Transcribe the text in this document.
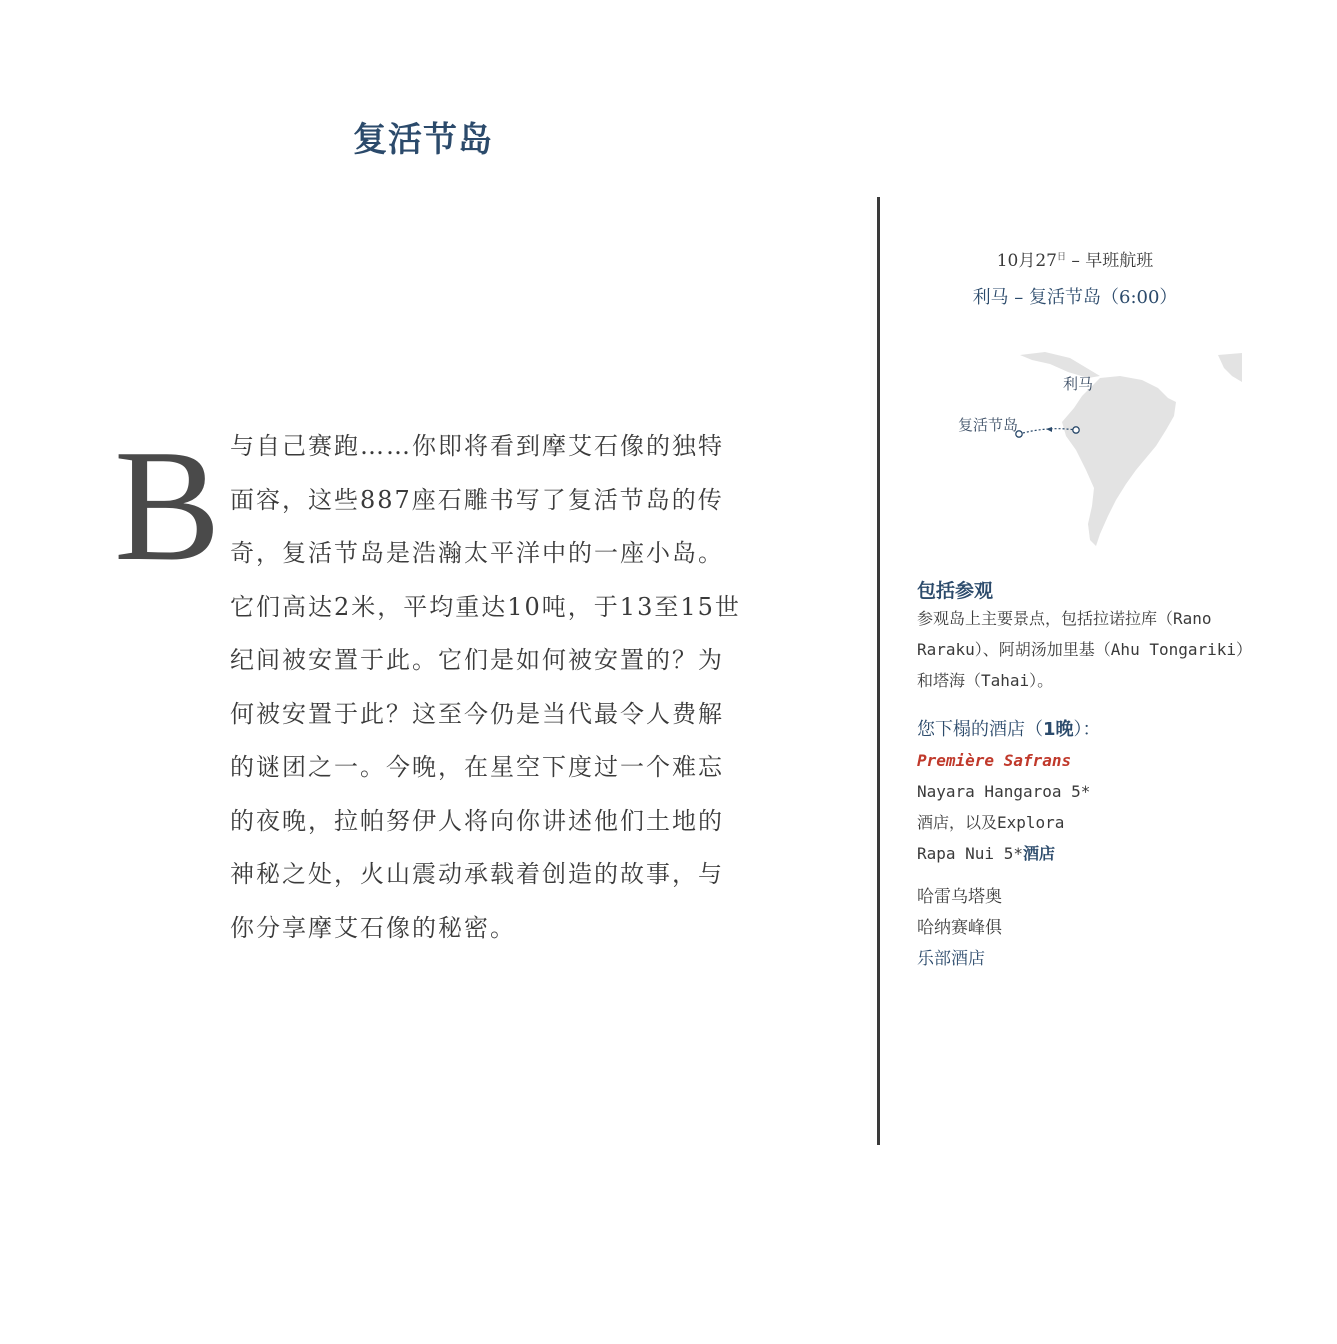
复活节岛
B 与自己赛跑……你即将看到摩艾石像的独特
面容，这些887座石雕书写了复活节岛的传
奇，复活节岛是浩瀚太平洋中的一座小岛。
它们高达2米，平均重达10吨，于13至15世
纪间被安置于此。它们是如何被安置的？为
何被安置于此？这至今仍是当代最令人费解
的谜团之一。今晚，在星空下度过一个难忘
的夜晚，拉帕努伊人将向你讲述他们土地的
神秘之处，火山震动承载着创造的故事，与
你分享摩艾石像的秘密。
10月$27^日$ – 早班航班
利马 – 复活节岛（6:00）
利马
复活节岛
包括参观
参观岛上主要景点，包括拉诺拉库（Rano
Raraku）、阿胡汤加里基（Ahu Tongariki）
和塔海（Tahai）。
您下榻的酒店（1晚）：
Première Safrans
Nayara Hangaroa 5*
酒店，以及Explora
Rapa Nui 5*酒店
哈雷乌塔奥
哈纳赛峰俱
乐部酒店
